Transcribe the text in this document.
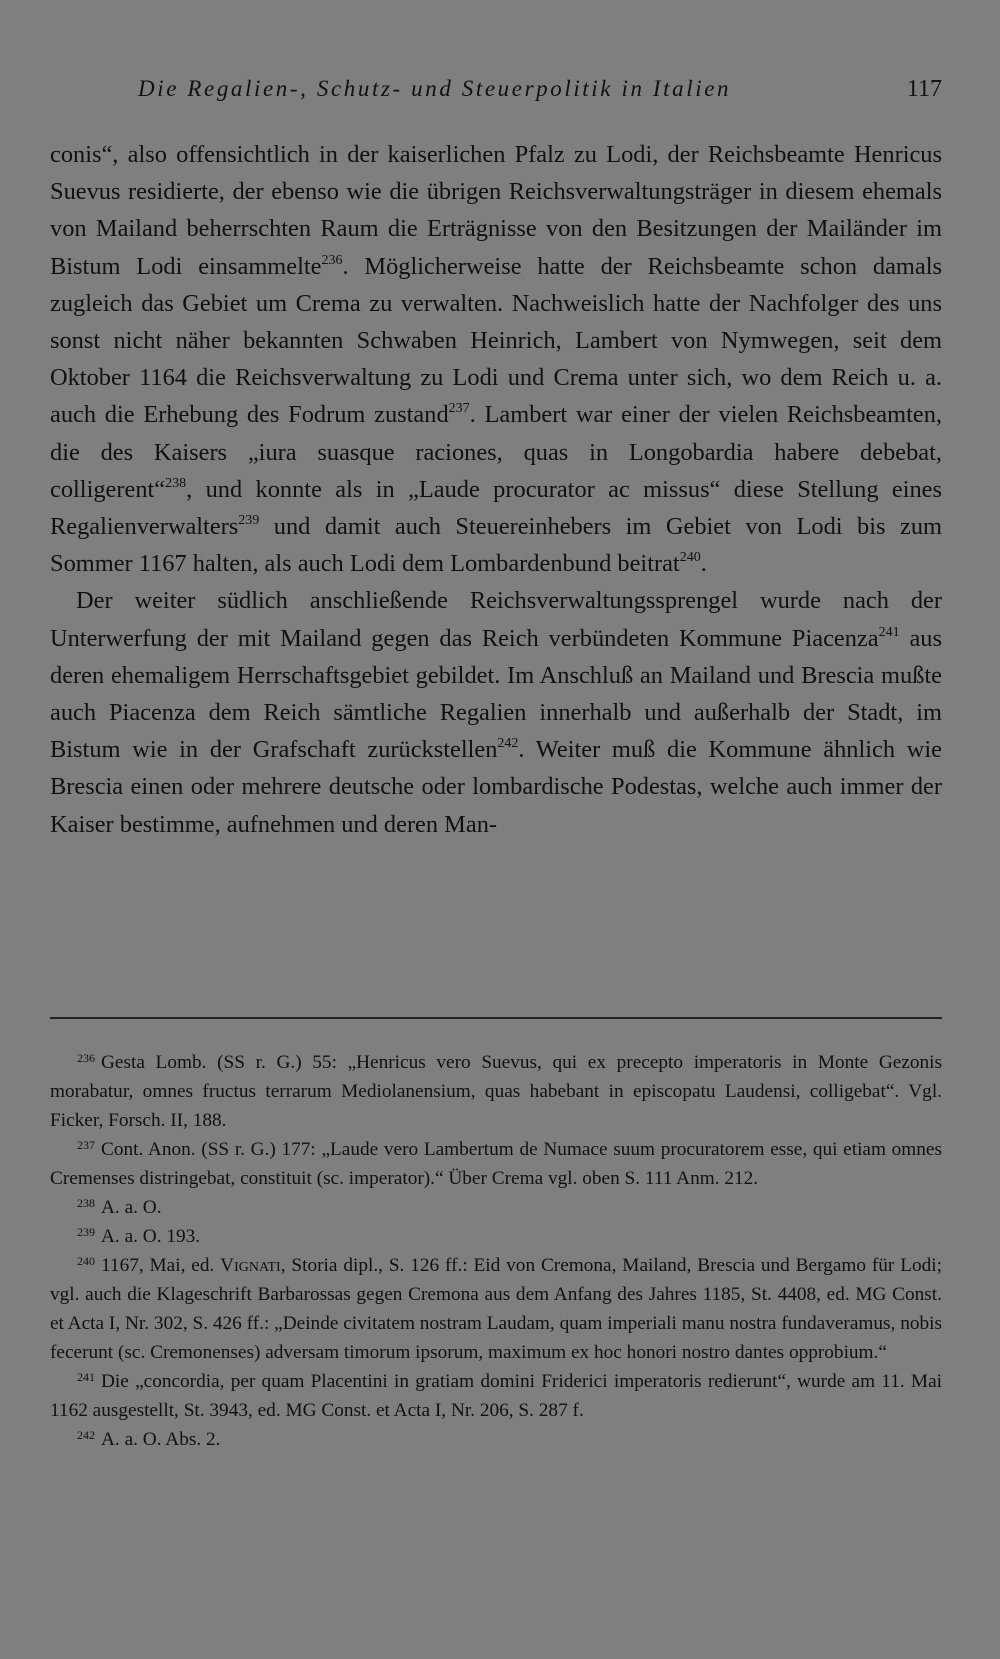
Die Regalien-, Schutz- und Steuerpolitik in Italien	117

conis“, also offensichtlich in der kaiserlichen Pfalz zu Lodi, der Reichsbeamte Henricus Suevus residierte, der ebenso wie die übrigen Reichsverwaltungsträger in diesem ehemals von Mailand beherrschten Raum die Erträgnisse von den Besitzungen der Mailänder im Bistum Lodi einsammelte$^{236}$. Möglicherweise hatte der Reichsbeamte schon damals zugleich das Gebiet um Crema zu verwalten. Nachweislich hatte der Nachfolger des uns sonst nicht näher bekannten Schwaben Heinrich, Lambert von Nymwegen, seit dem Oktober 1164 die Reichsverwaltung zu Lodi und Crema unter sich, wo dem Reich u. a. auch die Erhebung des Fodrum zustand$^{237}$. Lambert war einer der vielen Reichsbeamten, die des Kaisers „iura suasque raciones, quas in Longobardia habere debebat, colligerent“$^{238}$, und konnte als in „Laude procurator ac missus“ diese Stellung eines Regalienverwalters$^{239}$ und damit auch Steuereinhebers im Gebiet von Lodi bis zum Sommer 1167 halten, als auch Lodi dem Lombardenbund beitrat$^{240}$.

Der weiter südlich anschließende Reichsverwaltungssprengel wurde nach der Unterwerfung der mit Mailand gegen das Reich verbündeten Kommune Piacenza$^{241}$ aus deren ehemaligem Herrschaftsgebiet gebildet. Im Anschluß an Mailand und Brescia mußte auch Piacenza dem Reich sämtliche Regalien innerhalb und außerhalb der Stadt, im Bistum wie in der Grafschaft zurückstellen$^{242}$. Weiter muß die Kommune ähnlich wie Brescia einen oder mehrere deutsche oder lombardische Podestas, welche auch immer der Kaiser bestimme, aufnehmen und deren Man-

$^{236}$ Gesta Lomb. (SS r. G.) 55: „Henricus vero Suevus, qui ex precepto imperatoris in Monte Gezonis morabatur, omnes fructus terrarum Mediolanensium, quas habebant in episcopatu Laudensi, colligebat“. Vgl. Ficker, Forsch. II, 188.

$^{237}$ Cont. Anon. (SS r. G.) 177: „Laude vero Lambertum de Numace suum procuratorem esse, qui etiam omnes Cremenses distringebat, constituit (sc. imperator).“ Über Crema vgl. oben S. 111 Anm. 212.

$^{238}$ A. a. O.

$^{239}$ A. a. O. 193.

$^{240}$ 1167, Mai, ed. Vignati, Storia dipl., S. 126 ff.: Eid von Cremona, Mailand, Brescia und Bergamo für Lodi; vgl. auch die Klageschrift Barbarossas gegen Cremona aus dem Anfang des Jahres 1185, St. 4408, ed. MG Const. et Acta I, Nr. 302, S. 426 ff.: „Deinde civitatem nostram Laudam, quam imperiali manu nostra fundaveramus, nobis fecerunt (sc. Cremonenses) adversam timorum ipsorum, maximum ex hoc honori nostro dantes opprobium.“

$^{241}$ Die „concordia, per quam Placentini in gratiam domini Friderici imperatoris redierunt“, wurde am 11. Mai 1162 ausgestellt, St. 3943, ed. MG Const. et Acta I, Nr. 206, S. 287 f.

$^{242}$ A. a. O. Abs. 2.
